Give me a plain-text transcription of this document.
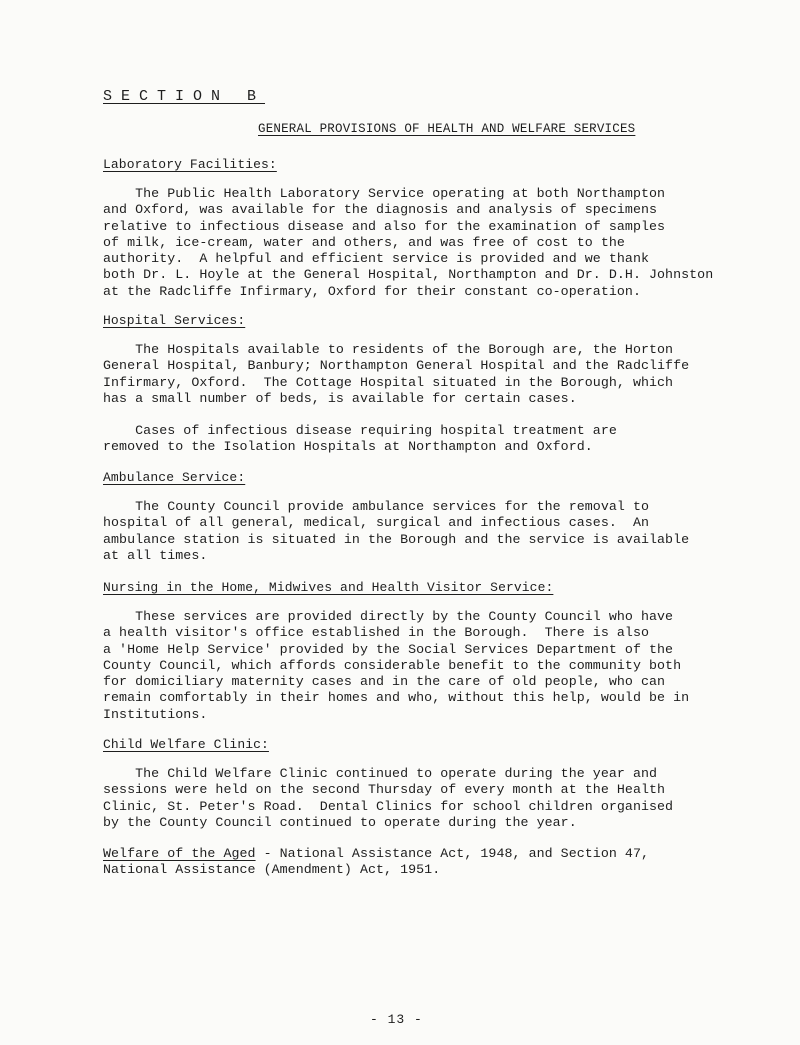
SECTION B
GENERAL PROVISIONS OF HEALTH AND WELFARE SERVICES
Laboratory Facilities:
The Public Health Laboratory Service operating at both Northampton
and Oxford, was available for the diagnosis and analysis of specimens
relative to infectious disease and also for the examination of samples
of milk, ice-cream, water and others, and was free of cost to the
authority.  A helpful and efficient service is provided and we thank
both Dr. L. Hoyle at the General Hospital, Northampton and Dr. D.H. Johnston
at the Radcliffe Infirmary, Oxford for their constant co-operation.
Hospital Services:
The Hospitals available to residents of the Borough are, the Horton
General Hospital, Banbury; Northampton General Hospital and the Radcliffe
Infirmary, Oxford.  The Cottage Hospital situated in the Borough, which
has a small number of beds, is available for certain cases.
Cases of infectious disease requiring hospital treatment are
removed to the Isolation Hospitals at Northampton and Oxford.
Ambulance Service:
The County Council provide ambulance services for the removal to
hospital of all general, medical, surgical and infectious cases.  An
ambulance station is situated in the Borough and the service is available
at all times.
Nursing in the Home, Midwives and Health Visitor Service:
These services are provided directly by the County Council who have
a health visitor's office established in the Borough.  There is also
a 'Home Help Service' provided by the Social Services Department of the
County Council, which affords considerable benefit to the community both
for domiciliary maternity cases and in the care of old people, who can
remain comfortably in their homes and who, without this help, would be in
Institutions.
Child Welfare Clinic:
The Child Welfare Clinic continued to operate during the year and
sessions were held on the second Thursday of every month at the Health
Clinic, St. Peter's Road.  Dental Clinics for school children organised
by the County Council continued to operate during the year.
Welfare of the Aged - National Assistance Act, 1948, and Section 47,
National Assistance (Amendment) Act, 1951.
- 13 -
